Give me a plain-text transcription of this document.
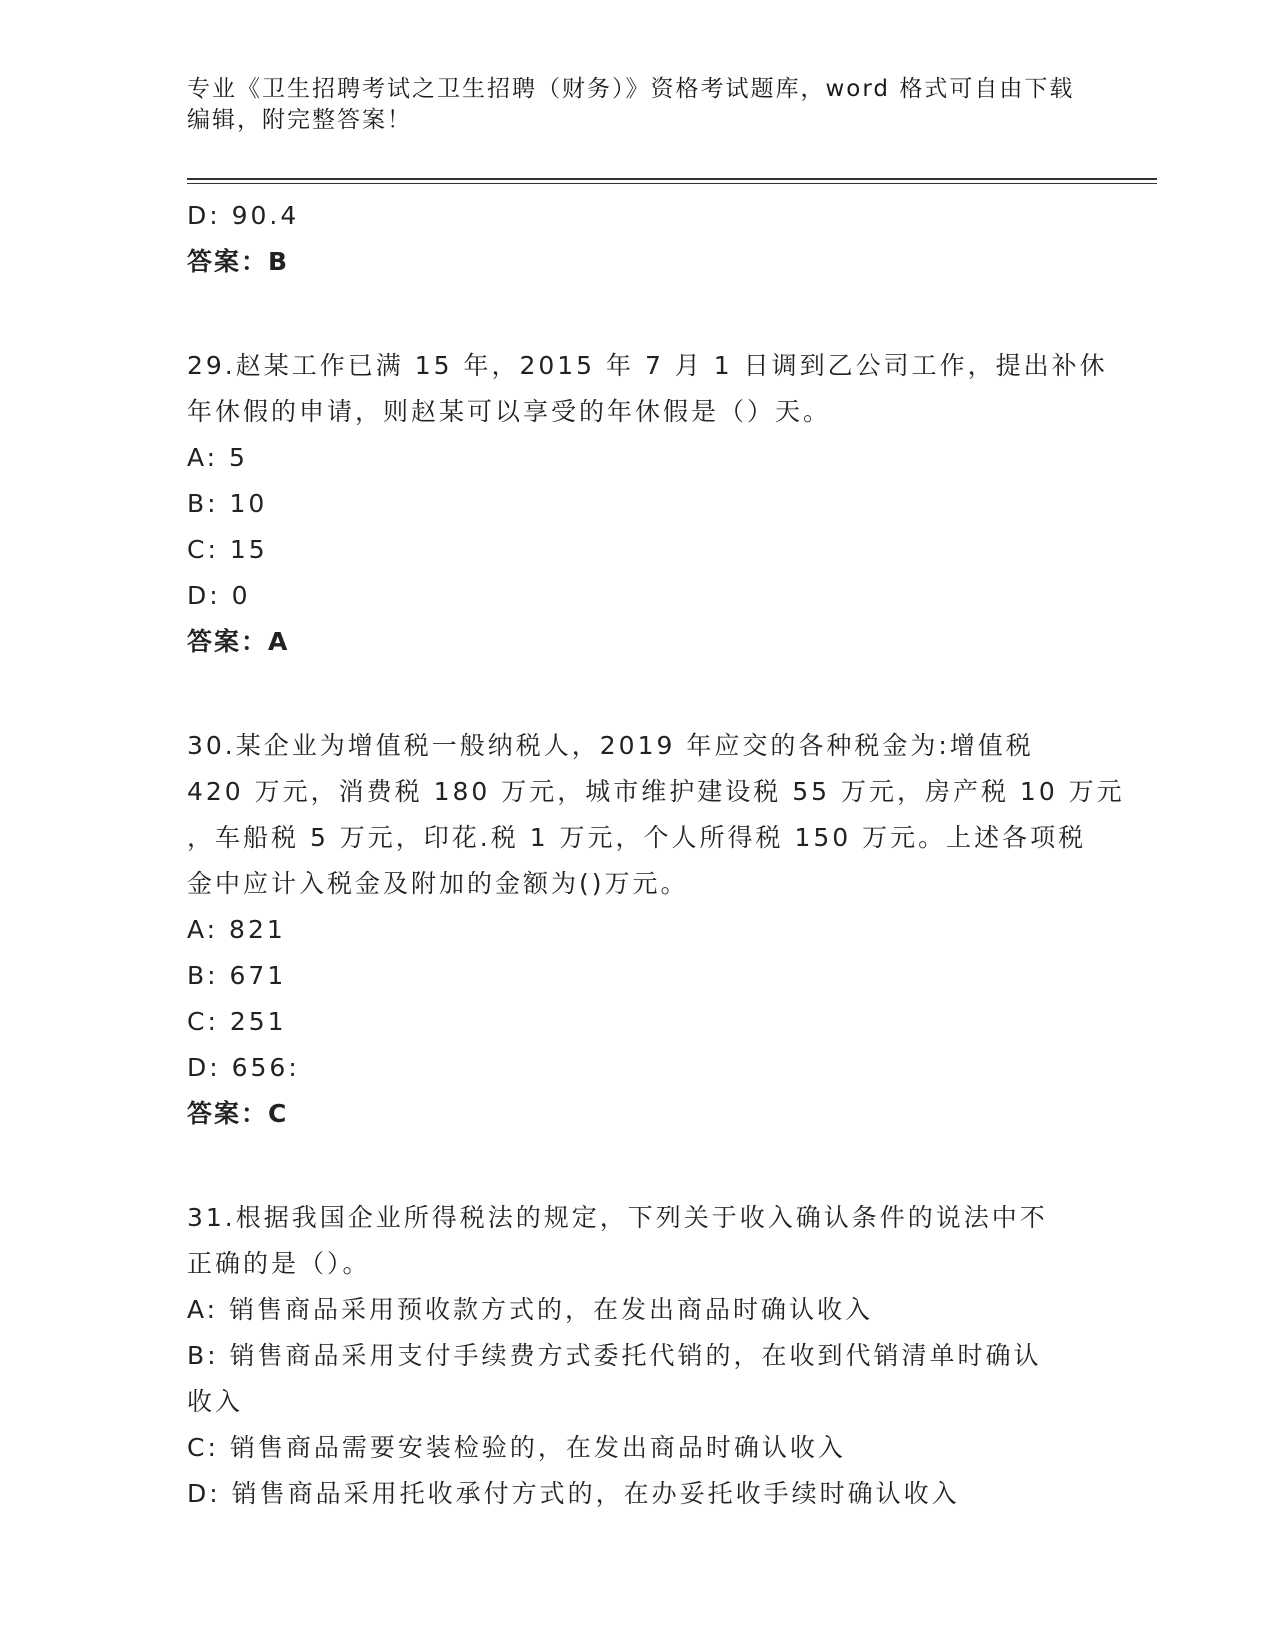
专业《卫生招聘考试之卫生招聘（财务）》资格考试题库，word 格式可自由下载
编辑，附完整答案！
D: 90.4
答案：B
29.赵某工作已满 15 年，2015 年 7 月 1 日调到乙公司工作，提出补休
年休假的申请，则赵某可以享受的年休假是（）天。
A: 5
B: 10
C: 15
D: 0
答案：A
30.某企业为增值税一般纳税人，2019 年应交的各种税金为:增值税
420 万元，消费税 180 万元，城市维护建设税 55 万元，房产税 10 万元
，车船税 5 万元，印花.税 1 万元，个人所得税 150 万元。上述各项税
金中应计入税金及附加的金额为()万元。
A: 821
B: 671
C: 251
D: 656:
答案：C
31.根据我国企业所得税法的规定，下列关于收入确认条件的说法中不
正确的是（）。
A: 销售商品采用预收款方式的，在发出商品时确认收入
B: 销售商品采用支付手续费方式委托代销的，在收到代销清单时确认
收入
C: 销售商品需要安装检验的，在发出商品时确认收入
D: 销售商品采用托收承付方式的，在办妥托收手续时确认收入
